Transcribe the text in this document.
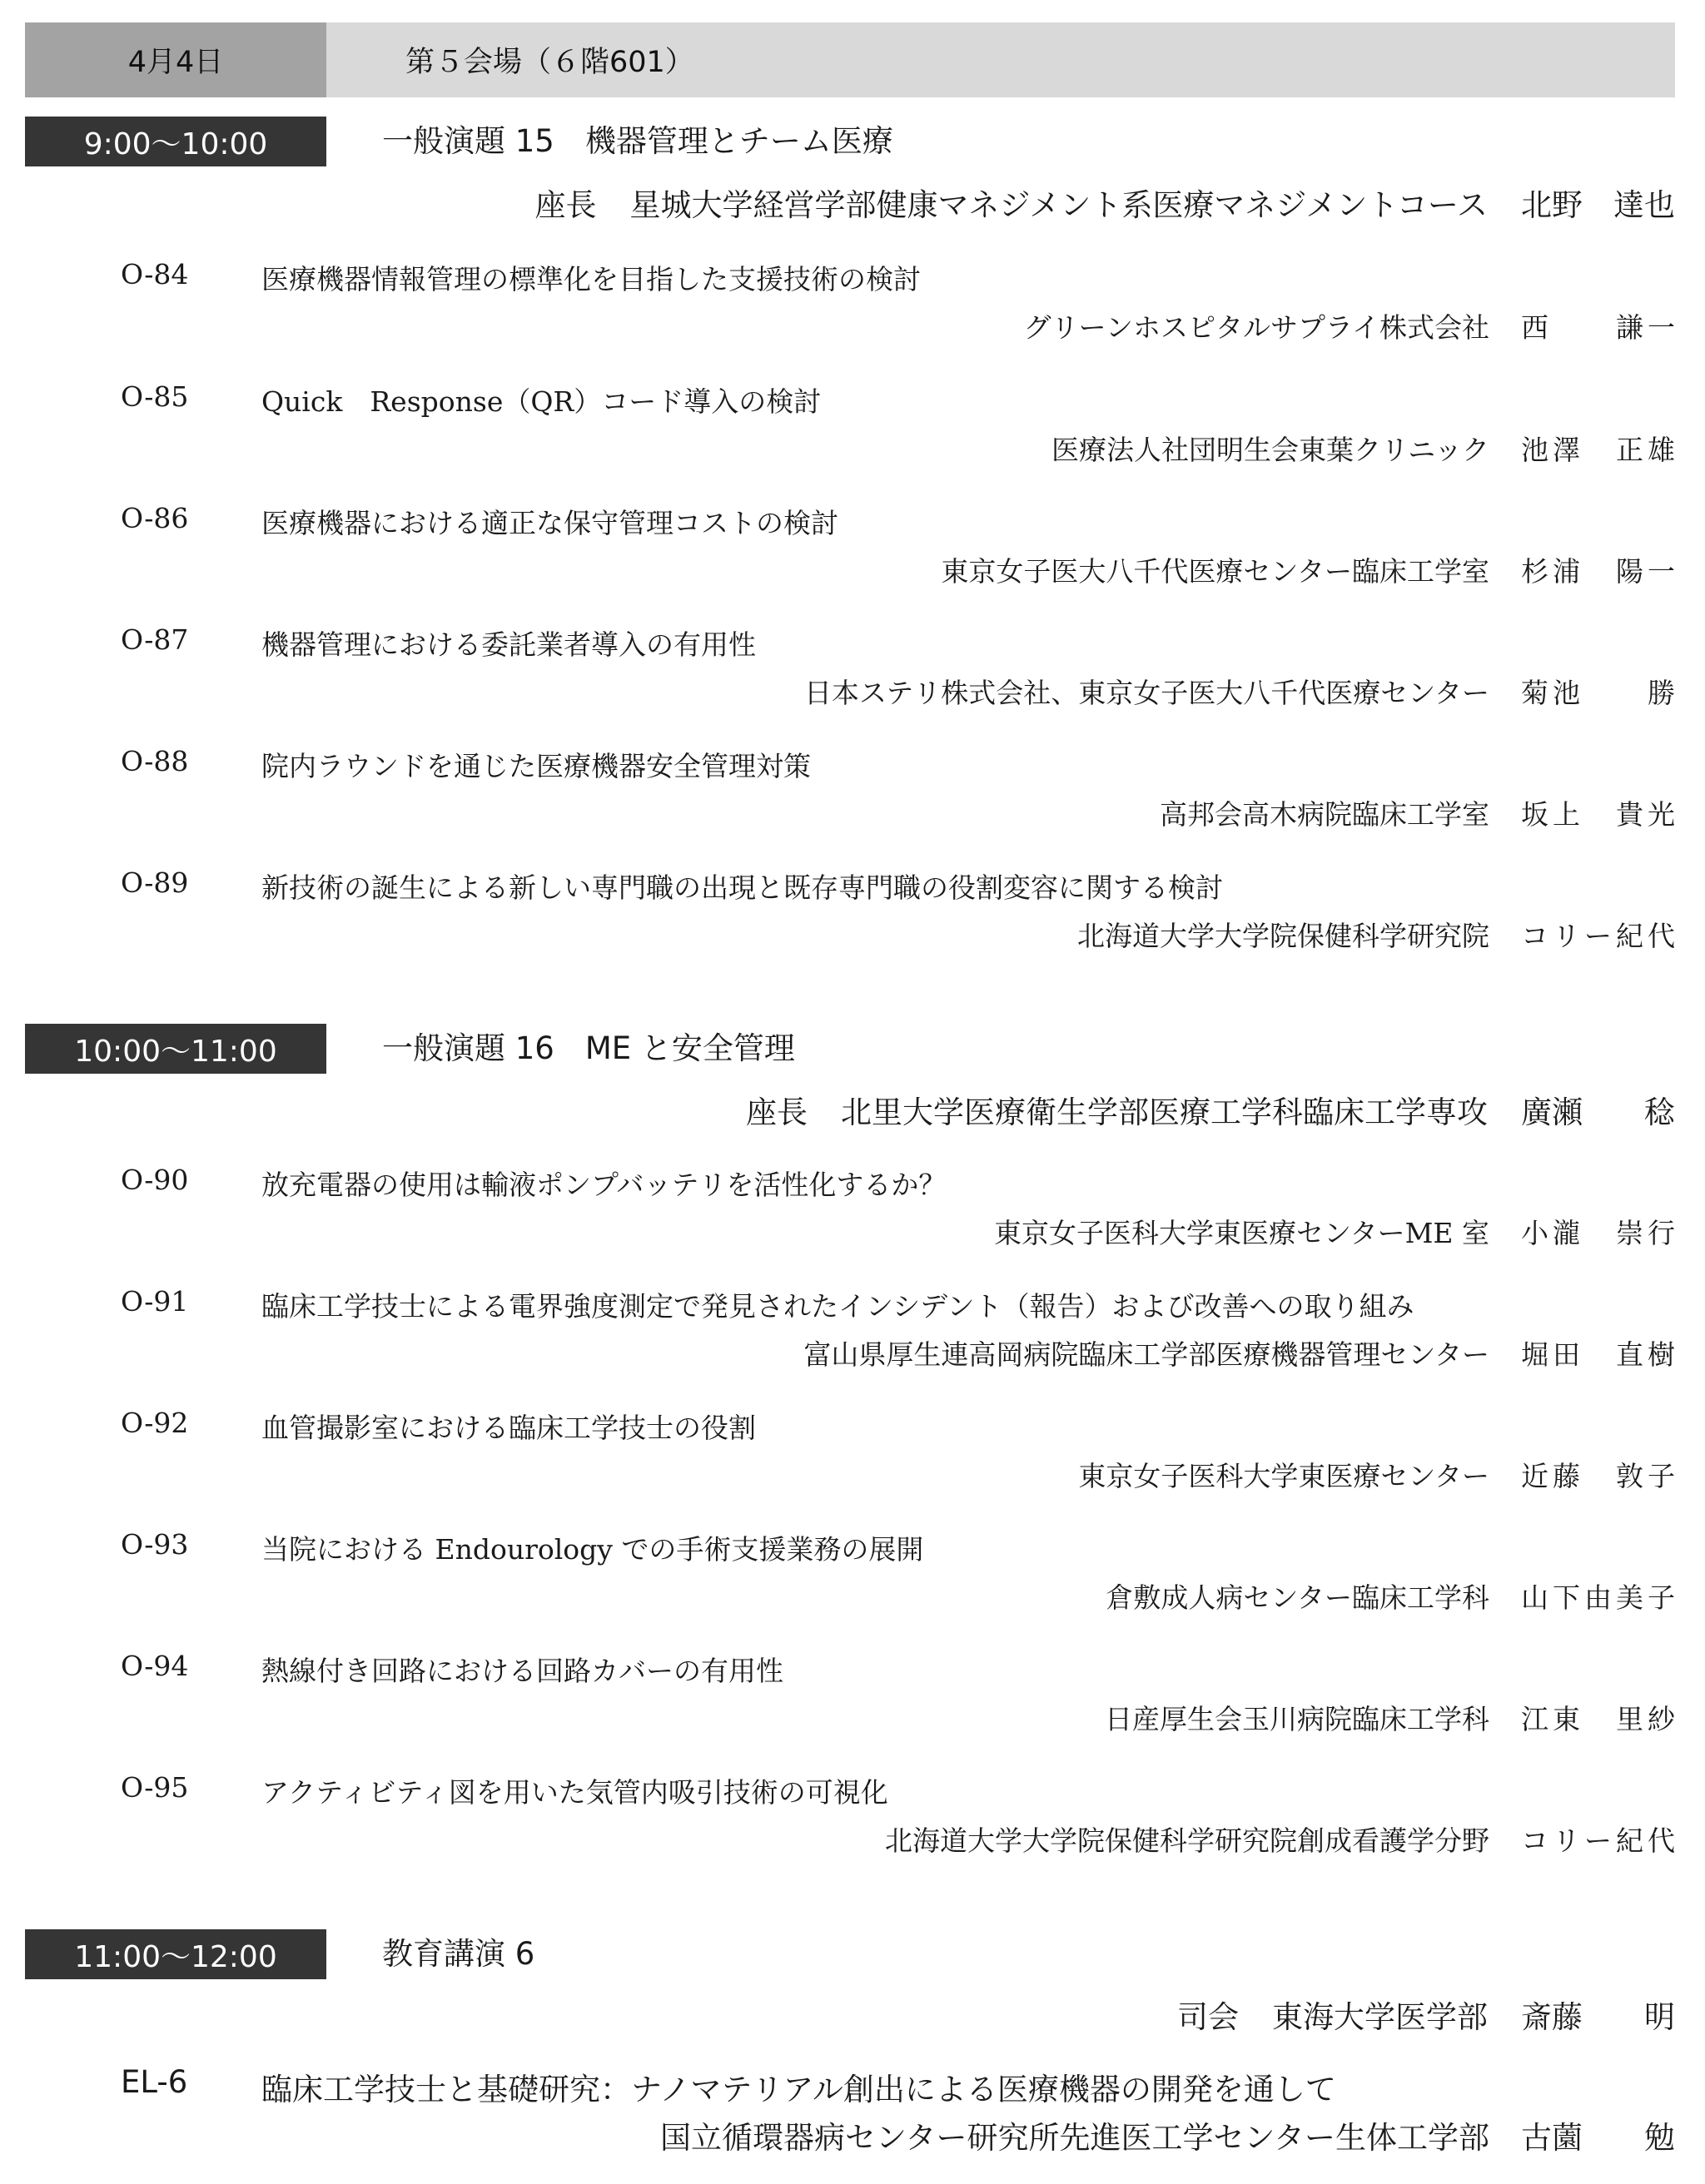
4月4日	第５会場（６階601）
9:00〜10:00	一般演題 15　機器管理とチーム医療
座長 星城大学経営学部健康マネジメント系医療マネジメントコース 北野　達也
O-84	医療機器情報管理の標準化を目指した支援技術の検討
グリーンホスピタルサプライ株式会社 西　　謙一
O-85	Quick　Response（QR）コード導入の検討
医療法人社団明生会東葉クリニック 池澤　正雄
O-86	医療機器における適正な保守管理コストの検討
東京女子医大八千代医療センター臨床工学室 杉浦　陽一
O-87	機器管理における委託業者導入の有用性
日本ステリ株式会社、東京女子医大八千代医療センター 菊池　　勝
O-88	院内ラウンドを通じた医療機器安全管理対策
高邦会高木病院臨床工学室 坂上　貴光
O-89	新技術の誕生による新しい専門職の出現と既存専門職の役割変容に関する検討
北海道大学大学院保健科学研究院 コリー紀代
10:00〜11:00	一般演題 16　ME と安全管理
座長 北里大学医療衛生学部医療工学科臨床工学専攻 廣瀬　　稔
O-90	放充電器の使用は輸液ポンプバッテリを活性化するか？
東京女子医科大学東医療センターME 室 小瀧　崇行
O-91	臨床工学技士による電界強度測定で発見されたインシデント（報告）および改善への取り組み
富山県厚生連高岡病院臨床工学部医療機器管理センター 堀田　直樹
O-92	血管撮影室における臨床工学技士の役割
東京女子医科大学東医療センター 近藤　敦子
O-93	当院における Endourology での手術支援業務の展開
倉敷成人病センター臨床工学科 山下由美子
O-94	熱線付き回路における回路カバーの有用性
日産厚生会玉川病院臨床工学科 江東　里紗
O-95	アクティビティ図を用いた気管内吸引技術の可視化
北海道大学大学院保健科学研究院創成看護学分野 コリー紀代
11:00〜12:00	教育講演 6
司会 東海大学医学部 斎藤　　明
EL-6 臨床工学技士と基礎研究：ナノマテリアル創出による医療機器の開発を通して
国立循環器病センター研究所先進医工学センター生体工学部 古薗　　勉
